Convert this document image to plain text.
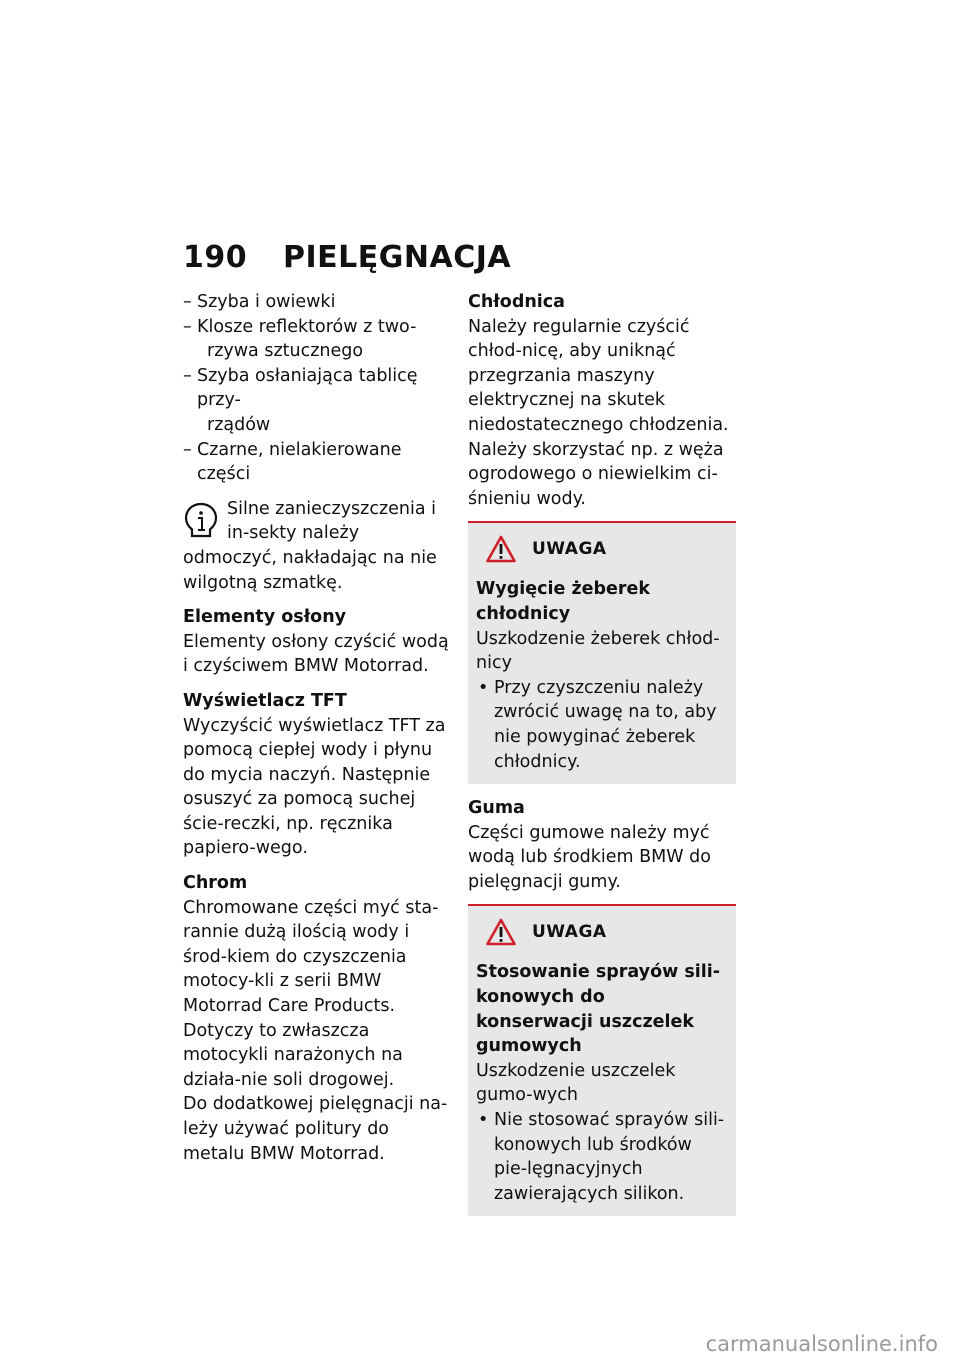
190 PIELĘGNACJA
– Szyba i owiewki
– Klosze reflektorów z two-
rzywa sztucznego
– Szyba osłaniająca tablicę przy-
rządów
– Czarne, nielakierowane części

Silne zanieczyszczenia i in-sekty należy odmoczyć, nakładając na nie wilgotną szmatkę.

Elementy osłony

Elementy osłony czyścić wodą i czyściwem BMW Motorrad.

Wyświetlacz TFT

Wyczyścić wyświetlacz TFT za pomocą ciepłej wody i płynu do mycia naczyń. Następnie osuszyć za pomocą suchej ście-reczki, np. ręcznika papiero-wego.

Chrom

Chromowane części myć sta-rannie dużą ilością wody i środ-kiem do czyszczenia motocy-kli z serii BMW Motorrad Care Products. Dotyczy to zwłaszcza motocykli narażonych na działa-nie soli drogowej.

Do dodatkowej pielęgnacji na-leży używać politury do metalu BMW Motorrad.

Chłodnica

Należy regularnie czyścić chłod-nicę, aby uniknąć przegrzania maszyny elektrycznej na skutek niedostatecznego chłodzenia. Należy skorzystać np. z węża ogrodowego o niewielkim ci-śnieniu wody.

UWAGA

Wygięcie żeberek chłodnicy

Uszkodzenie żeberek chłod-nicy

• Przy czyszczeniu należy zwrócić uwagę na to, aby nie powyginać żeberek chłodnicy.

Guma

Części gumowe należy myć wodą lub środkiem BMW do pielęgnacji gumy.

UWAGA

Stosowanie sprayów sili-konowych do konserwacji uszczelek gumowych

Uszkodzenie uszczelek gumo-wych

• Nie stosować sprayów sili-konowych lub środków pie-lęgnacyjnych zawierających silikon.

carmanualsonline.info
